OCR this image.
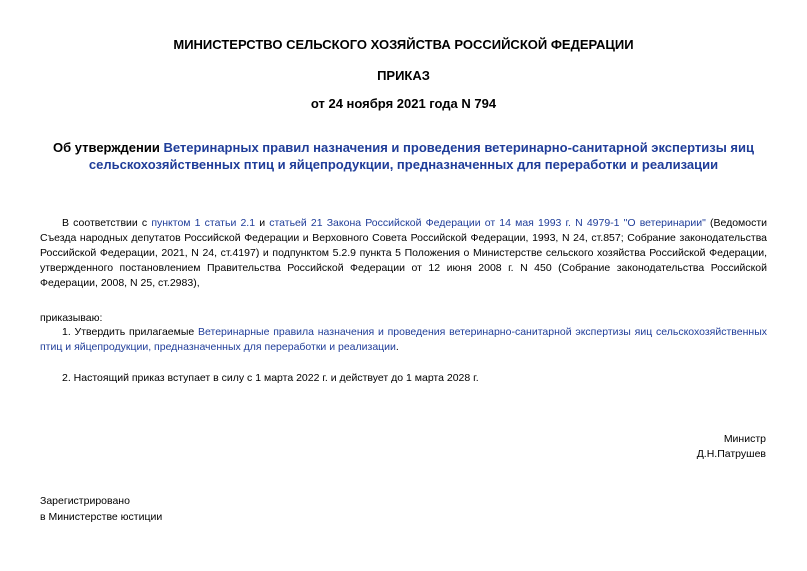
МИНИСТЕРСТВО СЕЛЬСКОГО ХОЗЯЙСТВА РОССИЙСКОЙ ФЕДЕРАЦИИ
ПРИКАЗ
от 24 ноября 2021 года N 794
Об утверждении Ветеринарных правил назначения и проведения ветеринарно-санитарной экспертизы яиц сельскохозяйственных птиц и яйцепродукции, предназначенных для переработки и реализации
В соответствии с пунктом 1 статьи 2.1 и статьей 21 Закона Российской Федерации от 14 мая 1993 г. N 4979-1 "О ветеринарии" (Ведомости Съезда народных депутатов Российской Федерации и Верховного Совета Российской Федерации, 1993, N 24, ст.857; Собрание законодательства Российской Федерации, 2021, N 24, ст.4197) и подпунктом 5.2.9 пункта 5 Положения о Министерстве сельского хозяйства Российской Федерации, утвержденного постановлением Правительства Российской Федерации от 12 июня 2008 г. N 450 (Собрание законодательства Российской Федерации, 2008, N 25, ст.2983),
приказываю:
1. Утвердить прилагаемые Ветеринарные правила назначения и проведения ветеринарно-санитарной экспертизы яиц сельскохозяйственных птиц и яйцепродукции, предназначенных для переработки и реализации.
2. Настоящий приказ вступает в силу с 1 марта 2022 г. и действует до 1 марта 2028 г.
Министр
Д.Н.Патрушев
Зарегистрировано
в Министерстве юстиции
